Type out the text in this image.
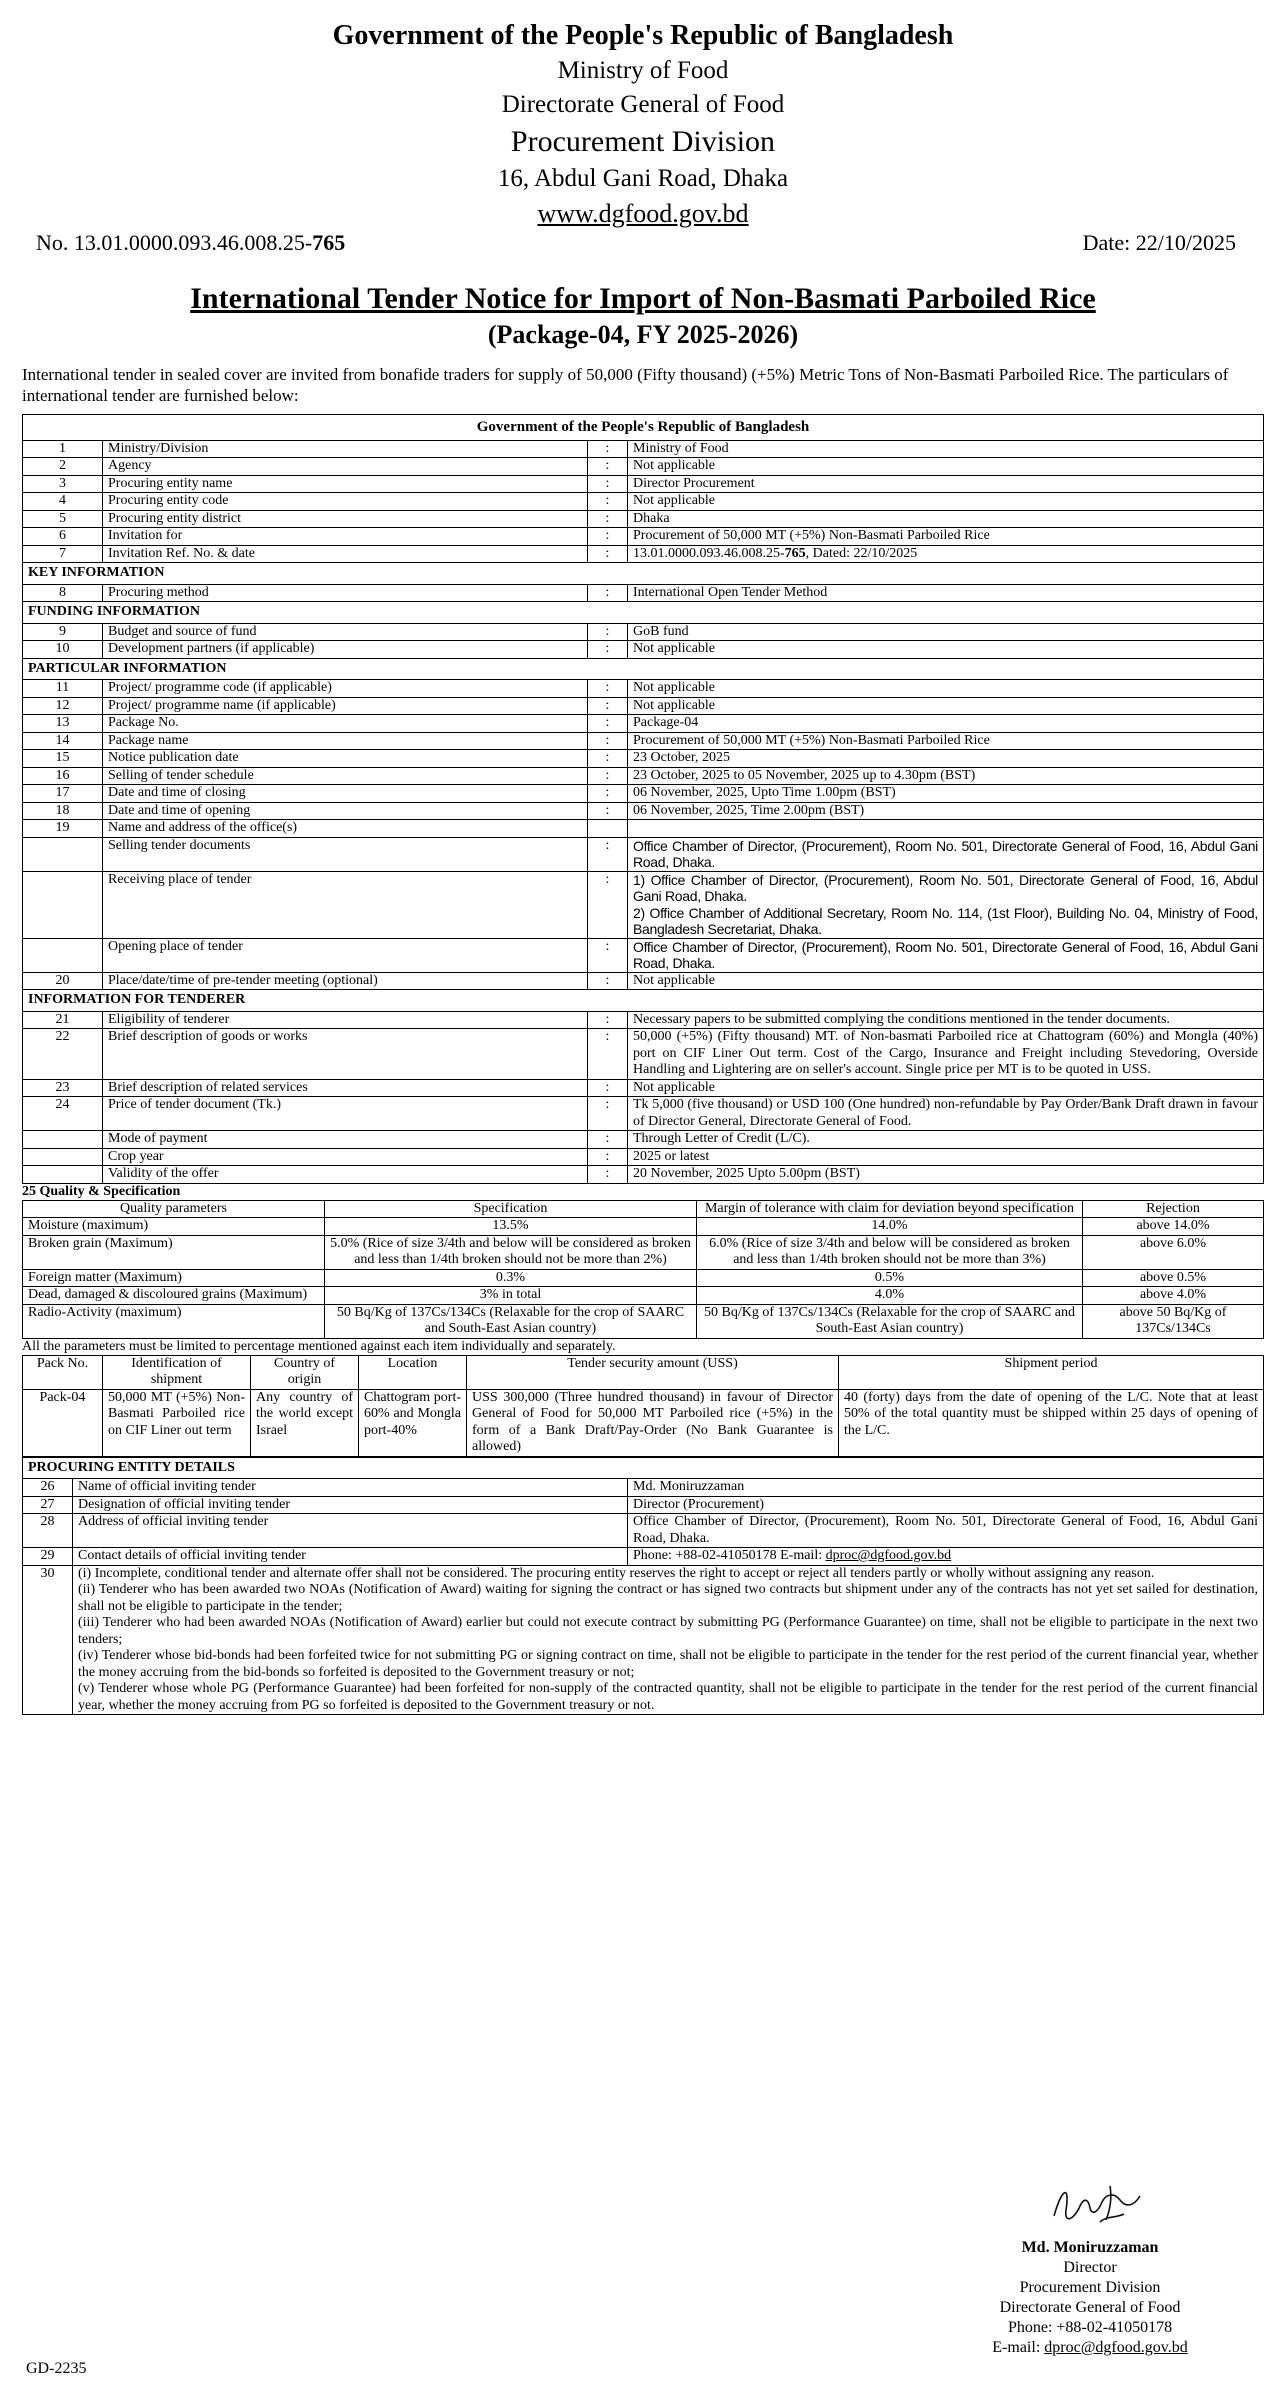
Government of the People's Republic of Bangladesh
Ministry of Food
Directorate General of Food
Procurement Division
16, Abdul Gani Road, Dhaka
www.dgfood.gov.bd
No. 13.01.0000.093.46.008.25-765	Date: 22/10/2025
International Tender Notice for Import of Non-Basmati Parboiled Rice
(Package-04, FY 2025-2026)
International tender in sealed cover are invited from bonafide traders for supply of 50,000 (Fifty thousand) (+5%) Metric Tons of Non-Basmati Parboiled Rice. The particulars of international tender are furnished below:
Government of the People's Republic of Bangladesh			
1	Ministry/Division	:	Ministry of Food

2	Agency	:	Not applicable

3	Procuring entity name	:	Director Procurement

4	Procuring entity code	:	Not applicable

5	Procuring entity district	:	Dhaka

6	Invitation for	:	Procurement of 50,000 MT (+5%) Non-Basmati Parboiled Rice

7	Invitation Ref. No. & date	:	13.01.0000.093.46.008.25-765, Dated: 22/10/2025
KEY INFORMATION			
8	Procuring method	:	International Open Tender Method

FUNDING INFORMATION			
9	Budget and source of fund	:	GoB fund

10	Development partners (if applicable)	:	Not applicable

PARTICULAR INFORMATION			
11	Project/ programme code (if applicable)	:	Not applicable

12	Project/ programme name (if applicable)	:	Not applicable

13	Package No.	:	Package-04

14	Package name	:	Procurement of 50,000 MT (+5%) Non-Basmati Parboiled Rice

15	Notice publication date	:	23 October, 2025

16	Selling of tender schedule	:	23 October, 2025 to 05 November, 2025 up to 4.30pm (BST)

17	Date and time of closing	:	06 November, 2025, Upto Time 1.00pm (BST)

18	Date and time of opening	:	06 November, 2025, Time 2.00pm (BST)

19	Name and address of the office(s)		
	Selling tender documents	:	Office Chamber of Director, (Procurement), Room No. 501, Directorate General of Food, 16, Abdul Gani Road, Dhaka.

	Receiving place of tender	:	1) Office Chamber of Director, (Procurement), Room No. 501, Directorate General of Food, 16, Abdul Gani Road, Dhaka.
2) Office Chamber of Additional Secretary, Room No. 114, (1st Floor), Building No. 04, Ministry of Food, Bangladesh Secretariat, Dhaka.

	Opening place of tender	:	Office Chamber of Director, (Procurement), Room No. 501, Directorate General of Food, 16, Abdul Gani Road, Dhaka.

20	Place/date/time of pre-tender meeting (optional)	:	Not applicable

INFORMATION FOR TENDERER			
21	Eligibility of tenderer	:	Necessary papers to be submitted complying the conditions mentioned in the tender documents.

22	Brief description of goods or works	:	50,000 (+5%) (Fifty thousand) MT. of Non-basmati Parboiled rice at Chattogram (60%) and Mongla (40%) port on CIF Liner Out term. Cost of the Cargo, Insurance and Freight including Stevedoring, Overside Handling and Lightering are on seller's account. Single price per MT is to be quoted in USS.

23	Brief description of related services	:	Not applicable

24	Price of tender document (Tk.)	:	Tk 5,000 (five thousand) or USD 100 (One hundred) non-refundable by Pay Order/Bank Draft drawn in favour of Director General, Directorate General of Food.

	Mode of payment	:	Through Letter of Credit (L/C).

	Crop year	:	2025 or latest

	Validity of the offer	:	20 November, 2025 Upto 5.00pm (BST)
25 Quality & Specification
Quality parameters	Specification	Margin of tolerance with claim for deviation beyond specification	Rejection
Moisture (maximum)	13.5%	14.0%	above 14.0%
Broken grain (Maximum)	5.0% (Rice of size 3/4th and below will be considered as broken and less than 1/4th broken should not be more than 2%)	6.0% (Rice of size 3/4th and below will be considered as broken and less than 1/4th broken should not be more than 3%)	above 6.0%
Foreign matter (Maximum)	0.3%	0.5%	above 0.5%
Dead, damaged & discoloured grains (Maximum)	3% in total	4.0%	above 4.0%
Radio-Activity (maximum)	50 Bq/Kg of 137Cs/134Cs (Relaxable for the crop of SAARC and South-East Asian country)	50 Bq/Kg of 137Cs/134Cs (Relaxable for the crop of SAARC and South-East Asian country)	above 50 Bq/Kg of 137Cs/134Cs
All the parameters must be limited to percentage mentioned against each item individually and separately.
Pack No.	Identification of shipment	Country of origin	Location	Tender security amount (USS)	Shipment period
Pack-04	50,000 MT (+5%) Non-Basmati Parboiled rice on CIF Liner out term	Any country of the world except Israel	Chattogram port-60% and Mongla port-40%	USS 300,000 (Three hundred thousand) in favour of Director General of Food for 50,000 MT Parboiled rice (+5%) in the form of a Bank Draft/Pay-Order (No Bank Guarantee is allowed)	40 (forty) days from the date of opening of the L/C. Note that at least 50% of the total quantity must be shipped within 25 days of opening of the L/C.
PROCURING ENTITY DETAILS		
26	Name of official inviting tender	Md. Moniruzzaman
27	Designation of official inviting tender	Director (Procurement)
28	Address of official inviting tender	Office Chamber of Director, (Procurement), Room No. 501, Directorate General of Food, 16, Abdul Gani Road, Dhaka.
29	Contact details of official inviting tender	Phone: +88-02-41050178 E-mail: dproc@dgfood.gov.bd
30	(i) Incomplete, conditional tender and alternate offer shall not be considered. The procuring entity reserves the right to accept or reject all tenders partly or wholly without assigning any reason.
(ii) Tenderer who has been awarded two NOAs (Notification of Award) waiting for signing the contract or has signed two contracts but shipment under any of the contracts has not yet set sailed for destination, shall not be eligible to participate in the tender;
(iii) Tenderer who had been awarded NOAs (Notification of Award) earlier but could not execute contract by submitting PG (Performance Guarantee) on time, shall not be eligible to participate in the next two tenders;
(iv) Tenderer whose bid-bonds had been forfeited twice for not submitting PG or signing contract on time, shall not be eligible to participate in the tender for the rest period of the current financial year, whether the money accruing from the bid-bonds so forfeited is deposited to the Government treasury or not;
(v) Tenderer whose whole PG (Performance Guarantee) had been forfeited for non-supply of the contracted quantity, shall not be eligible to participate in the tender for the rest period of the current financial year, whether the money accruing from PG so forfeited is deposited to the Government treasury or not.	
Md. Moniruzzaman
Director
Procurement Division
Directorate General of Food
Phone: +88-02-41050178
E-mail: dproc@dgfood.gov.bd
GD-2235
